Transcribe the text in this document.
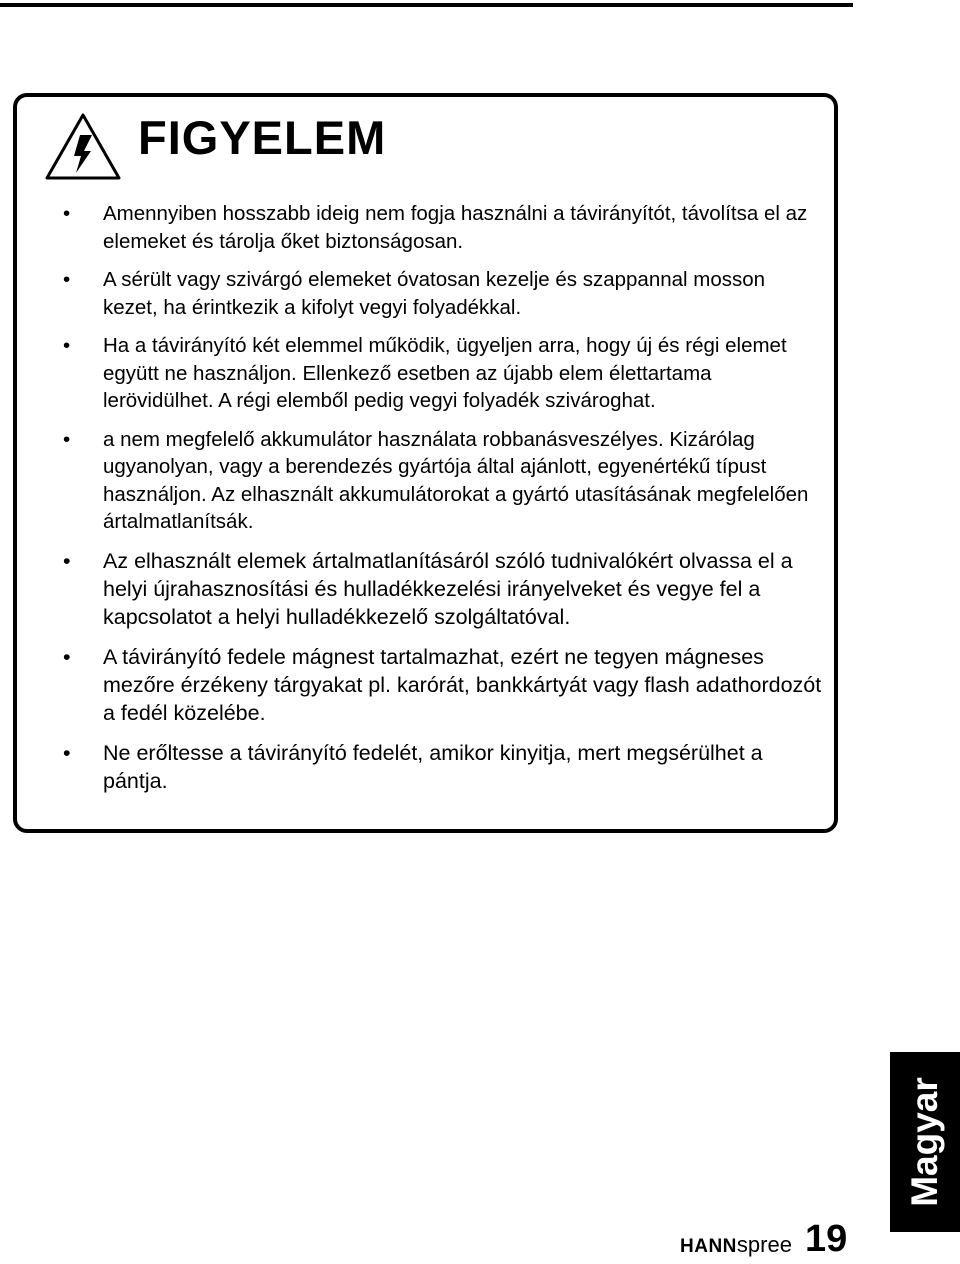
FIGYELEM
• Amennyiben hosszabb ideig nem fogja használni a távirányítót, távolítsa el az elemeket és tárolja őket biztonságosan.
• A sérült vagy szivárgó elemeket óvatosan kezelje és szappannal mosson kezet, ha érintkezik a kifolyt vegyi folyadékkal.
• Ha a távirányító két elemmel működik, ügyeljen arra, hogy új és régi elemet együtt ne használjon. Ellenkező esetben az újabb elem élettartama lerövidülhet. A régi elemből pedig vegyi folyadék szivároghat.
• a nem megfelelő akkumulátor használata robbanásveszélyes. Kizárólag ugyanolyan, vagy a berendezés gyártója által ajánlott, egyenértékű típust használjon. Az elhasznált akkumulátorokat a gyártó utasításának megfelelően ártalmatlanítsák.
• Az elhasznált elemek ártalmatlanításáról szóló tudnivalókért olvassa el a helyi újrahasznosítási és hulladékkezelési irányelveket és vegye fel a kapcsolatot a helyi hulladékkezelő szolgáltatóval.
• A távirányító fedele mágnest tartalmazhat, ezért ne tegyen mágneses mezőre érzékeny tárgyakat pl. karórát, bankkártyát vagy flash adathordozót a fedél közelébe.
• Ne erőltesse a távirányító fedelét, amikor kinyitja, mert megsérülhet a pántja.
HANNspree 19

Magyar
